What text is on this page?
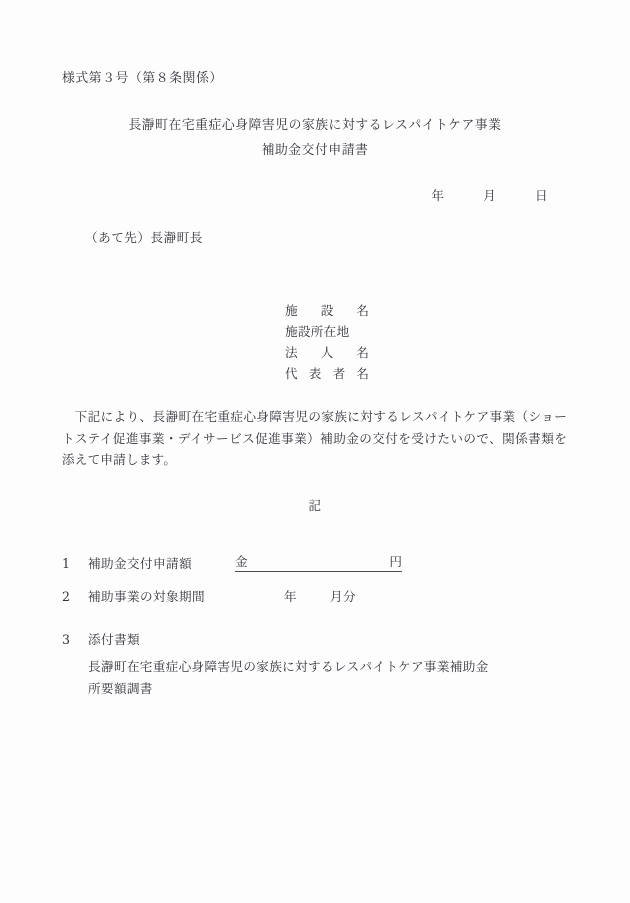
様式第３号（第８条関係）
長瀞町在宅重症心身障害児の家族に対するレスパイトケア事業
補助金交付申請書
年	月	日
（あて先）長瀞町長
施 設 名
施設所在地
法 人 名
代 表 者 名

下記により、長瀞町在宅重症心身障害児の家族に対するレスパイトケア事業（ショートステイ促進事業・デイサービス促進事業）補助金の交付を受けたいので、関係書類を添えて申請します。

記
1	補助金交付申請額	金	円
2	補助事業の対象期間	年	月分
3	添付書類
長瀞町在宅重症心身障害児の家族に対するレスパイトケア事業補助金
所要額調書
